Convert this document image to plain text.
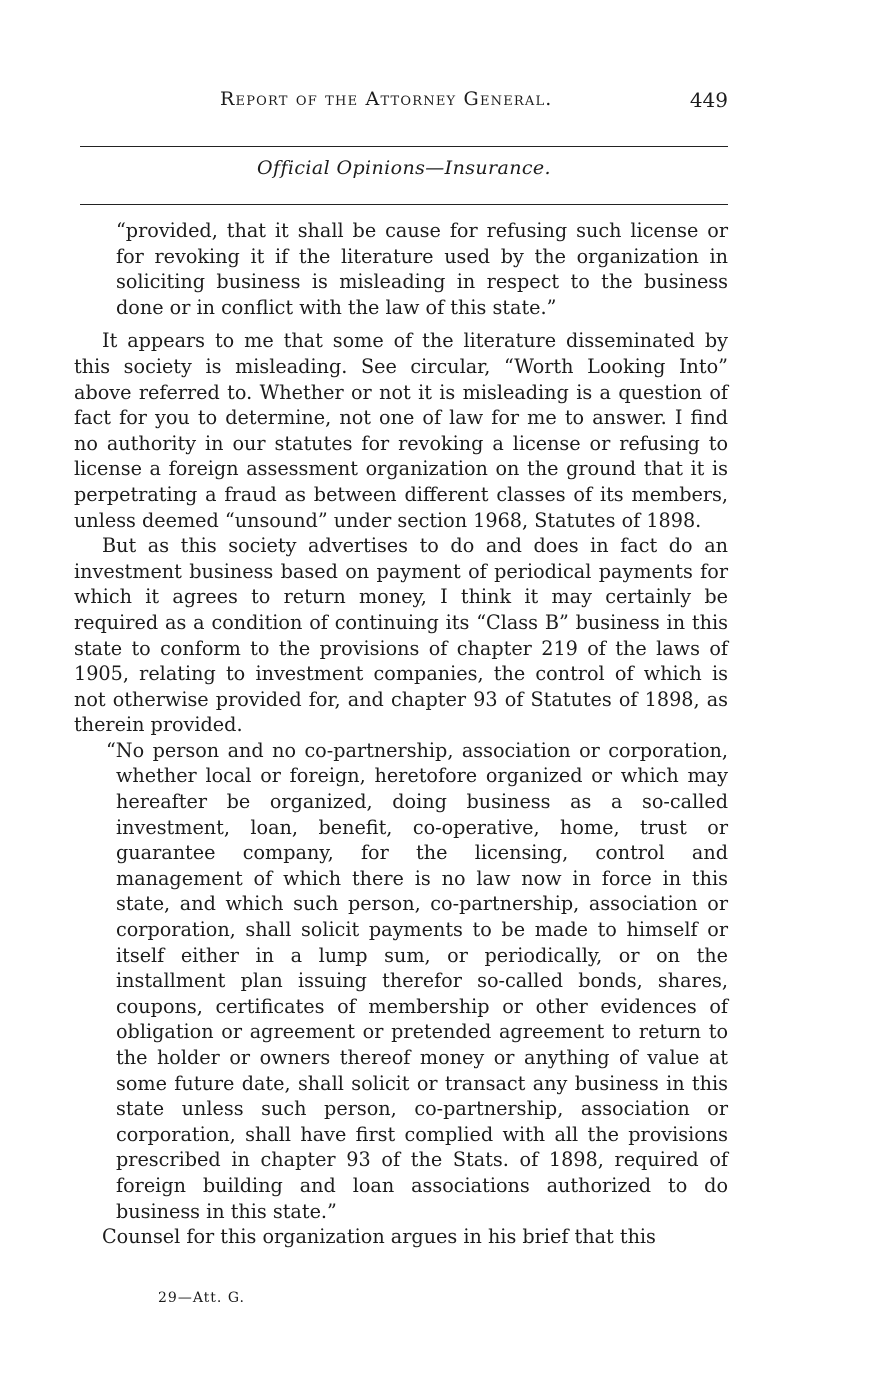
Report of the Attorney General.	449
Official Opinions—Insurance.

“provided, that it shall be cause for refusing such license or for revoking it if the literature used by the organization in soliciting business is misleading in respect to the business done or in conflict with the law of this state.”

It appears to me that some of the literature disseminated by this society is misleading. See circular, “Worth Looking Into” above referred to. Whether or not it is misleading is a question of fact for you to determine, not one of law for me to answer. I find no authority in our statutes for revoking a license or refusing to license a foreign assessment organization on the ground that it is perpetrating a fraud as between different classes of its members, unless deemed “unsound” under section 1968, Statutes of 1898.

But as this society advertises to do and does in fact do an investment business based on payment of periodical payments for which it agrees to return money, I think it may certainly be required as a condition of continuing its “Class B” business in this state to conform to the provisions of chapter 219 of the laws of 1905, relating to investment companies, the control of which is not otherwise provided for, and chapter 93 of Statutes of 1898, as therein provided.

“No person and no co-partnership, association or corporation, whether local or foreign, heretofore organized or which may hereafter be organized, doing business as a so-called investment, loan, benefit, co-operative, home, trust or guarantee company, for the licensing, control and management of which there is no law now in force in this state, and which such person, co-partnership, association or corporation, shall solicit payments to be made to himself or itself either in a lump sum, or periodically, or on the installment plan issuing therefor so-called bonds, shares, coupons, certificates of membership or other evidences of obligation or agreement or pretended agreement to return to the holder or owners thereof money or anything of value at some future date, shall solicit or transact any business in this state unless such person, co-partnership, association or corporation, shall have first complied with all the provisions prescribed in chapter 93 of the Stats. of 1898, required of foreign building and loan associations authorized to do business in this state.”

Counsel for this organization argues in his brief that this

29—Att. G.
